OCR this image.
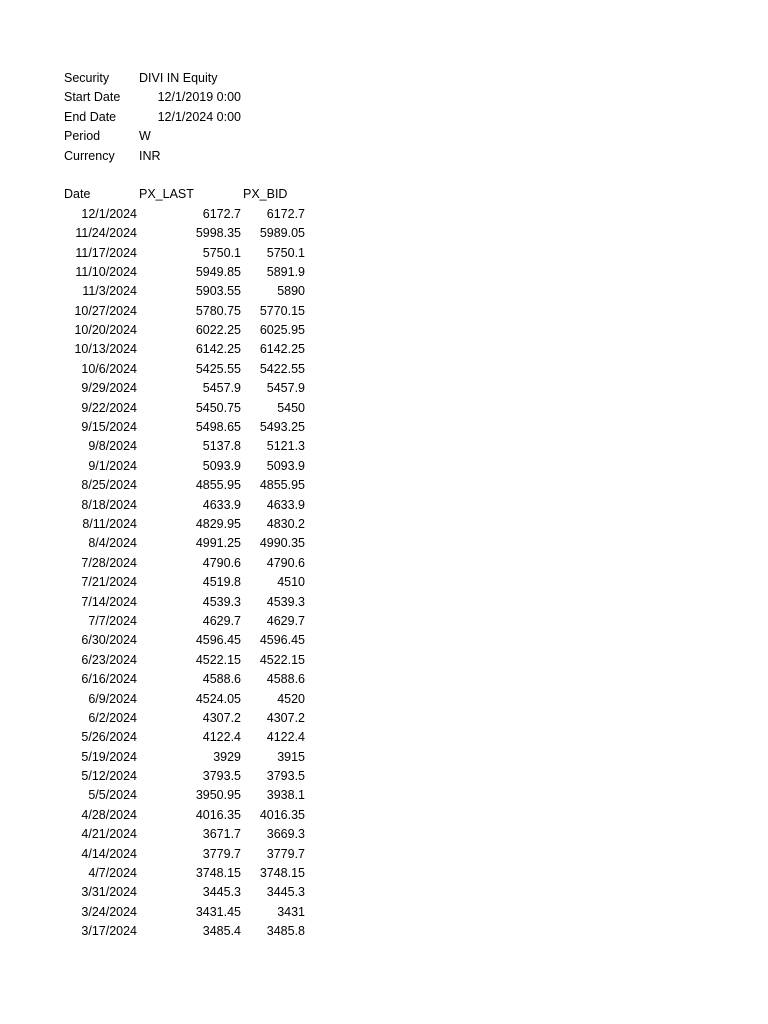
Security DIVI IN Equity
Start Date	12/1/2019 0:00
End Date	12/1/2024 0:00
Period	W
Currency INR
Date	PX_LAST	PX_BID
12/1/2024	6172.7	6172.7
11/24/2024	5998.35	5989.05
11/17/2024	5750.1	5750.1
11/10/2024	5949.85	5891.9
11/3/2024	5903.55	5890
10/27/2024	5780.75	5770.15
10/20/2024	6022.25	6025.95
10/13/2024	6142.25	6142.25
10/6/2024	5425.55	5422.55
9/29/2024	5457.9	5457.9
9/22/2024	5450.75	5450
9/15/2024	5498.65	5493.25
9/8/2024	5137.8	5121.3
9/1/2024	5093.9	5093.9
8/25/2024	4855.95	4855.95
8/18/2024	4633.9	4633.9
8/11/2024	4829.95	4830.2
8/4/2024	4991.25	4990.35
7/28/2024	4790.6	4790.6
7/21/2024	4519.8	4510
7/14/2024	4539.3	4539.3
7/7/2024	4629.7	4629.7
6/30/2024	4596.45	4596.45
6/23/2024	4522.15	4522.15
6/16/2024	4588.6	4588.6
6/9/2024	4524.05	4520
6/2/2024	4307.2	4307.2
5/26/2024	4122.4	4122.4
5/19/2024	3929	3915
5/12/2024	3793.5	3793.5
5/5/2024	3950.95	3938.1
4/28/2024	4016.35	4016.35
4/21/2024	3671.7	3669.3
4/14/2024	3779.7	3779.7
4/7/2024	3748.15	3748.15
3/31/2024	3445.3	3445.3
3/24/2024	3431.45	3431
3/17/2024	3485.4	3485.8
